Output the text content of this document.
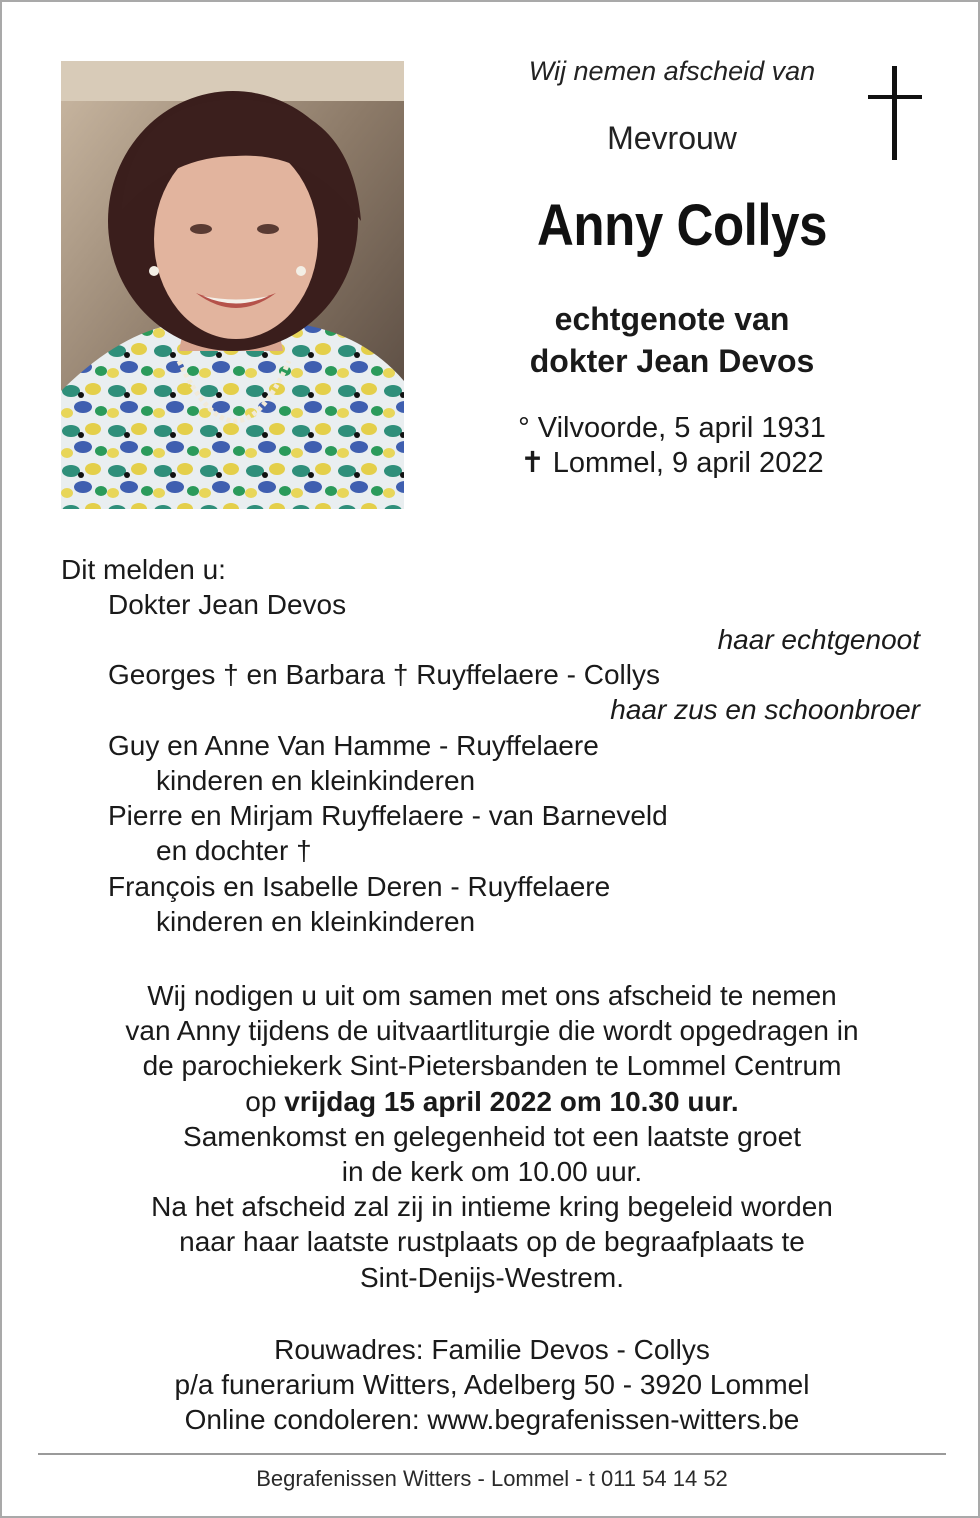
Wij nemen afscheid van
Mevrouw
Anny Collys
echtgenote van
dokter Jean Devos
° Vilvoorde, 5 april 1931
✝ Lommel, 9 april 2022
Dit melden u:
Dokter Jean Devos
haar echtgenoot
Georges † en Barbara † Ruyffelaere - Collys
haar zus en schoonbroer
Guy en Anne Van Hamme - Ruyffelaere
kinderen en kleinkinderen
Pierre en Mirjam Ruyffelaere - van Barneveld
en dochter †
François en Isabelle Deren - Ruyffelaere
kinderen en kleinkinderen
Wij nodigen u uit om samen met ons afscheid te nemen
van Anny tijdens de uitvaartliturgie die wordt opgedragen in
de parochiekerk Sint-Pietersbanden te Lommel Centrum
op vrijdag 15 april 2022 om 10.30 uur.
Samenkomst en gelegenheid tot een laatste groet
in de kerk om 10.00 uur.
Na het afscheid zal zij in intieme kring begeleid worden
naar haar laatste rustplaats op de begraafplaats te
Sint-Denijs-Westrem.
Rouwadres: Familie Devos - Collys
p/a funerarium Witters, Adelberg 50 - 3920 Lommel
Online condoleren: www.begrafenissen-witters.be
Begrafenissen Witters - Lommel - t 011 54 14 52
